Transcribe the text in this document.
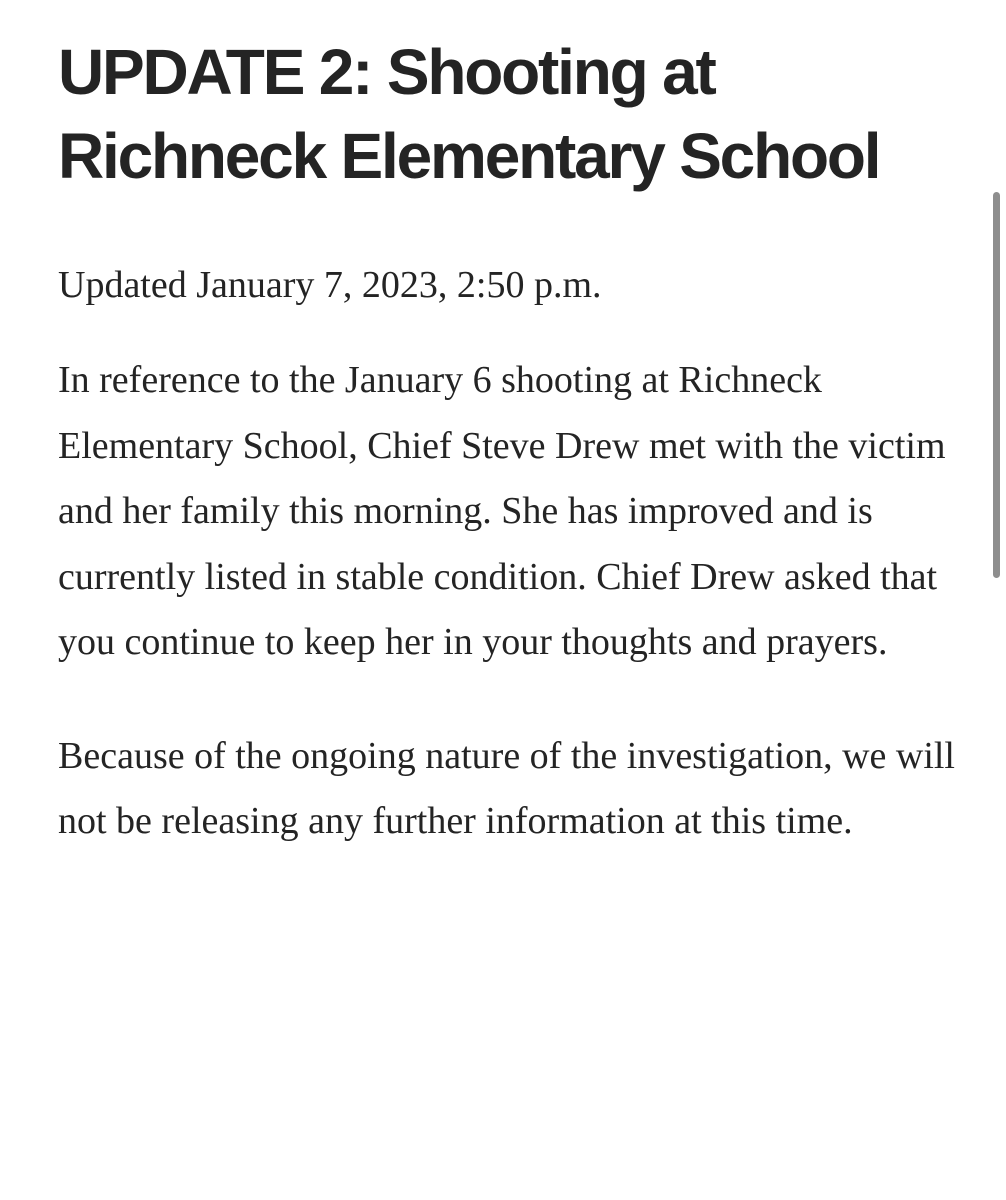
UPDATE 2: Shooting at Richneck Elementary School

Updated January 7, 2023, 2:50 p.m.

In reference to the January 6 shooting at Richneck Elementary School, Chief Steve Drew met with the victim and her family this morning. She has improved and is currently listed in stable condition. Chief Drew asked that you continue to keep her in your thoughts and prayers.

Because of the ongoing nature of the investigation, we will not be releasing any further information at this time.
